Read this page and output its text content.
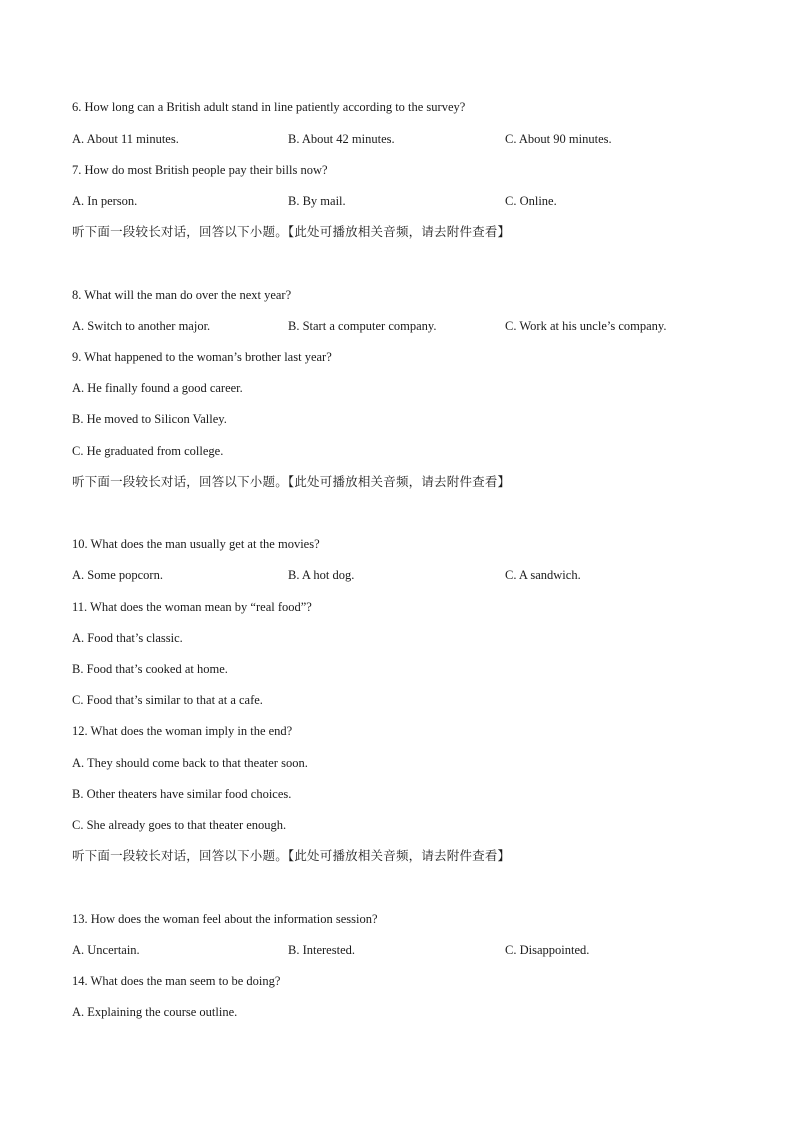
6. How long can a British adult stand in line patiently according to the survey?
A. About 11 minutes.	B. About 42 minutes.	C. About 90 minutes.
7. How do most British people pay their bills now?
A. In person.	B. By mail.	C. Online.
听下面一段较长对话，回答以下小题。【此处可播放相关音频，请去附件查看】
8. What will the man do over the next year?
A. Switch to another major.	B. Start a computer company.	C. Work at his uncle’s company.
9. What happened to the woman’s brother last year?
A. He finally found a good career.
B. He moved to Silicon Valley.
C. He graduated from college.
听下面一段较长对话，回答以下小题。【此处可播放相关音频，请去附件查看】
10. What does the man usually get at the movies?
A. Some popcorn.	B. A hot dog.	C. A sandwich.
11. What does the woman mean by “real food”?
A. Food that’s classic.
B. Food that’s cooked at home.
C. Food that’s similar to that at a cafe.
12. What does the woman imply in the end?
A. They should come back to that theater soon.
B. Other theaters have similar food choices.
C. She already goes to that theater enough.
听下面一段较长对话，回答以下小题。【此处可播放相关音频，请去附件查看】
13. How does the woman feel about the information session?
A. Uncertain.	B. Interested.	C. Disappointed.
14. What does the man seem to be doing?
A. Explaining the course outline.
